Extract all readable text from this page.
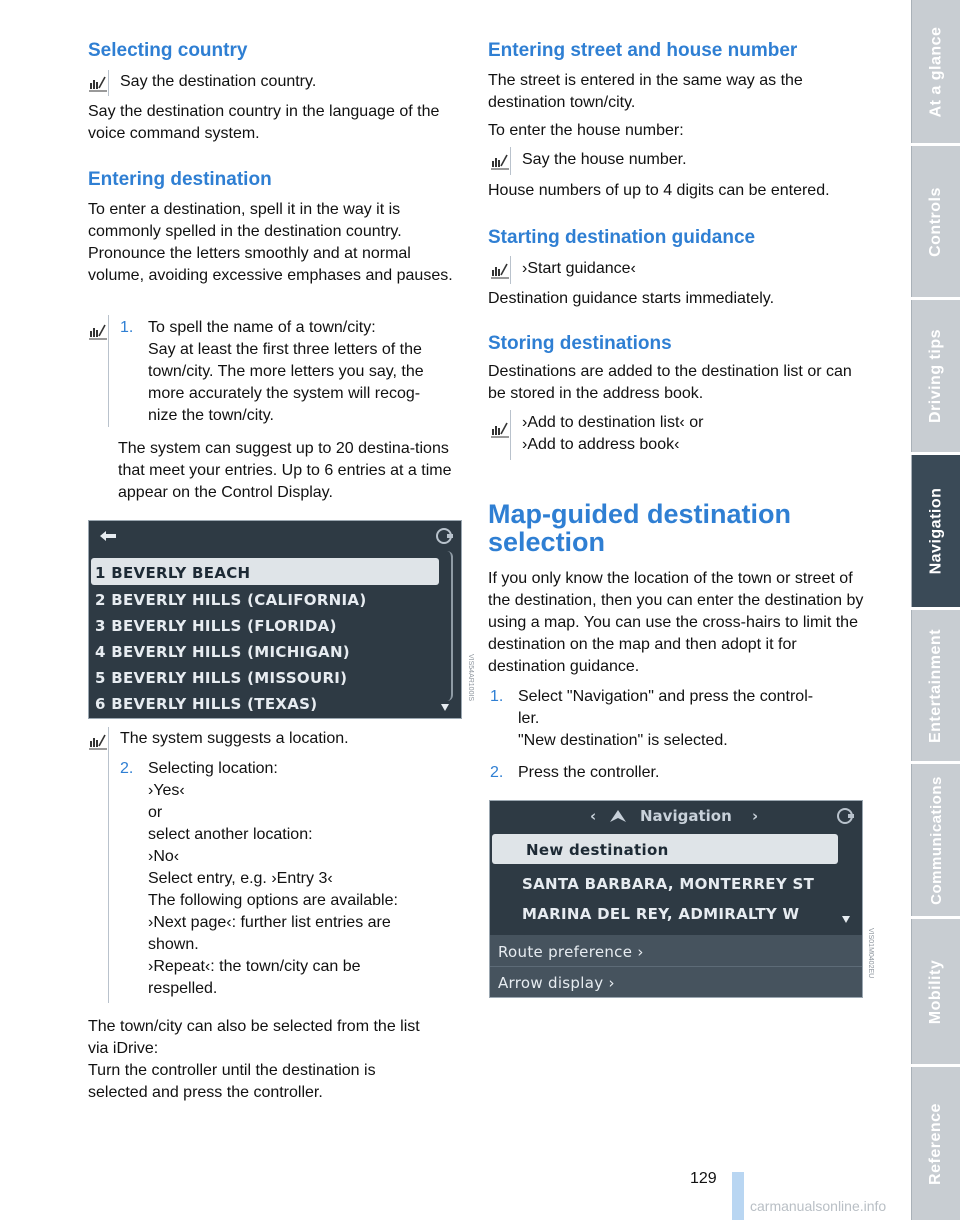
Selecting country

Say the destination country.

Say the destination country in the language of the voice command system.

Entering destination

To enter a destination, spell it in the way it is commonly spelled in the destination country. Pronounce the letters smoothly and at normal volume, avoiding excessive emphases and pauses.

1. To spell the name of a town/city:
Say at least the first three letters of the
town/city. The more letters you say, the
more accurately the system will recog-
nize the town/city.

The system can suggest up to 20 destina-tions that meet your entries. Up to 6 entries at a time appear on the Control Display.

1 BEVERLY BEACH
2 BEVERLY HILLS (CALIFORNIA)
3 BEVERLY HILLS (FLORIDA)
4 BEVERLY HILLS (MICHIGAN)
5 BEVERLY HILLS (MISSOURI)
6 BEVERLY HILLS (TEXAS)
VIS54AR100IS

The system suggests a location.

2. Selecting location:
›Yes‹
or
select another location:
›No‹
Select entry, e.g. ›Entry 3‹
The following options are available:
›Next page‹: further list entries are
shown.
›Repeat‹: the town/city can be
respelled.
The town/city can also be selected from the list
via iDrive:
Turn the controller until the destination is
selected and press the controller.
Entering street and house number

The street is entered in the same way as the destination town/city.

To enter the house number:

Say the house number.

House numbers of up to 4 digits can be entered.

Starting destination guidance

›Start guidance‹

Destination guidance starts immediately.

Storing destinations

Destinations are added to the destination list or can be stored in the address book.

›Add to destination list‹ or
›Add to address book‹
Map-guided destination
selection

If you only know the location of the town or street of the destination, then you can enter the destination by using a map. You can use the cross-hairs to limit the destination on the map and then adopt it for destination guidance.

1. Select "Navigation" and press the control-
ler.
"New destination" is selected.
2. Press the controller.
‹	Navigation ›
New destination
SANTA BARBARA, MONTERREY ST
MARINA DEL REY, ADMIRALTY W
Route preference ›
Arrow display ›
VIS01M0402EU
At a glance
Controls
Driving tips
Navigation
Entertainment
Communications
Mobility
Reference
129
carmanualsonline.info
